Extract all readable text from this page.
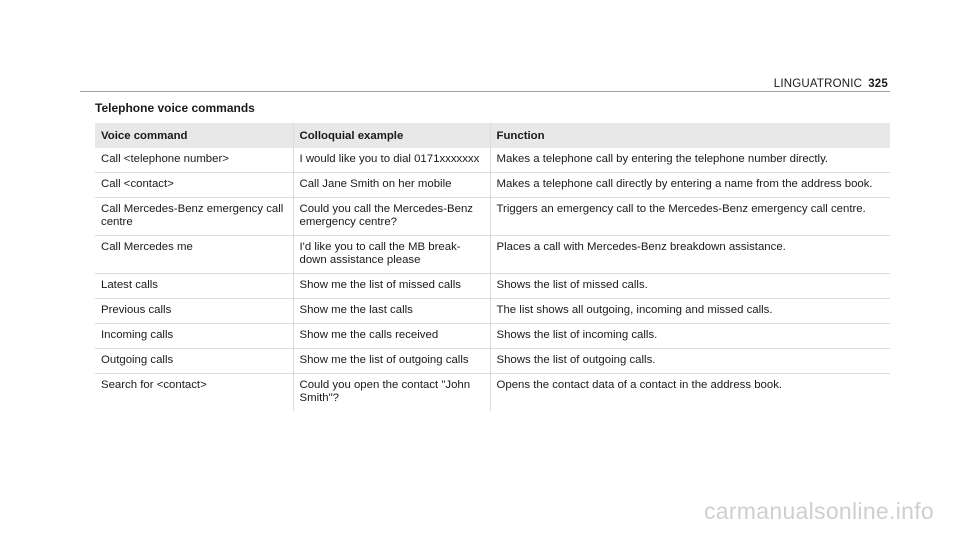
LINGUATRONIC 325
Telephone voice commands
Voice command	Colloquial example	Function
Call <telephone number>	I would like you to dial 0171xxxxxxx	Makes a telephone call by entering the telephone number directly.
Call <contact>	Call Jane Smith on her mobile	Makes a telephone call directly by entering a name from the address book.
Call Mercedes-Benz emergency call centre	Could you call the Mercedes-Benz emergency centre?	Triggers an emergency call to the Mercedes-Benz emergency call centre.
Call Mercedes me	I'd like you to call the MB break-down assistance please	Places a call with Mercedes-Benz breakdown assistance.
Latest calls	Show me the list of missed calls	Shows the list of missed calls.
Previous calls	Show me the last calls	The list shows all outgoing, incoming and missed calls.
Incoming calls	Show me the calls received	Shows the list of incoming calls.
Outgoing calls	Show me the list of outgoing calls	Shows the list of outgoing calls.
Search for <contact>	Could you open the contact "John Smith"?	Opens the contact data of a contact in the address book.
carmanualsonline.info
